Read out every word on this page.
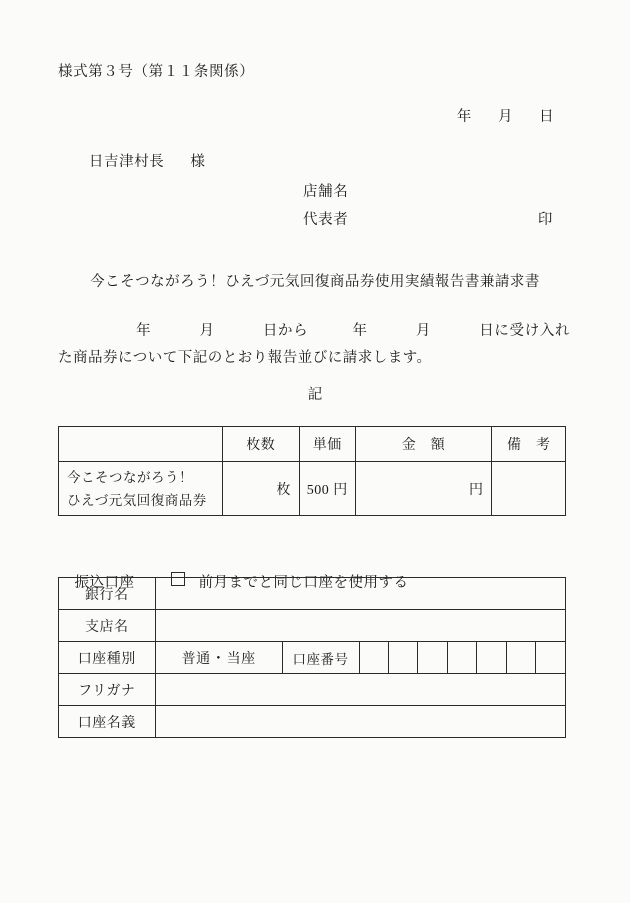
様式第３号（第１１条関係）

年 月 日

日吉津村長 様

店舗名
代表者	印
今こそつながろう！ひえづ元気回復商品券使用実績報告書兼請求書
年	月	日から	年	月	日に受け入れた商品券について下記のとおり報告並びに請求します。
記
	枚数	単価	金　額	備　考

今こそつながろう！
ひえづ元気回復商品券	枚	500 円	円	

振込口座	前月までと同じ口座を使用する

銀行名									
支店名									
口座種別	普通・当座	口座番号							
フリガナ									
口座名義									
